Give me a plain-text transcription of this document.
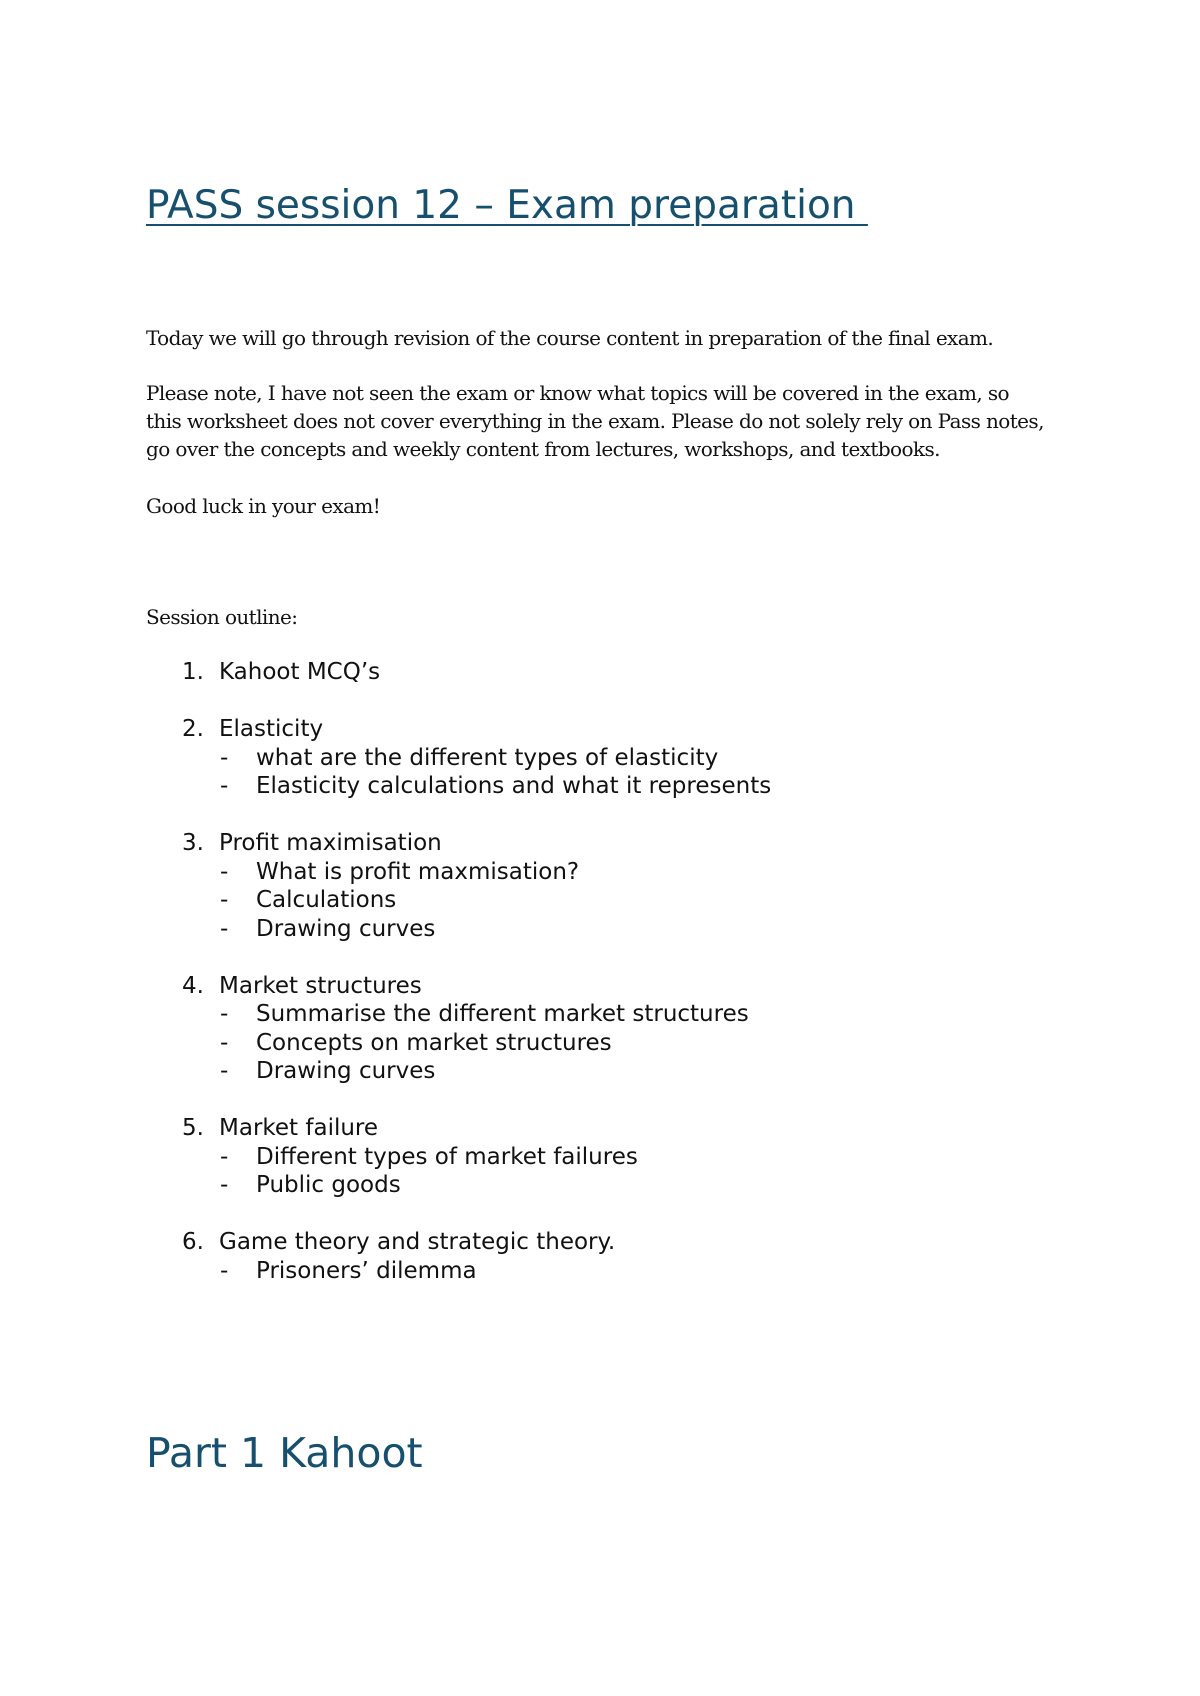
PASS session 12 – Exam preparation

Today we will go through revision of the course content in preparation of the final exam.

Please note, I have not seen the exam or know what topics will be covered in the exam, so
this worksheet does not cover everything in the exam. Please do not solely rely on Pass notes,
go over the concepts and weekly content from lectures, workshops, and textbooks.

Good luck in your exam!

Session outline:

1. Kahoot MCQ’s
2. Elasticity
- what are the different types of elasticity
- Elasticity calculations and what it represents
3. Profit maximisation
- What is profit maxmisation?
- Calculations
- Drawing curves
4. Market structures
- Summarise the different market structures
- Concepts on market structures
- Drawing curves
5. Market failure
- Different types of market failures
- Public goods
6. Game theory and strategic theory.
- Prisoners’ dilemma
Part 1 Kahoot
